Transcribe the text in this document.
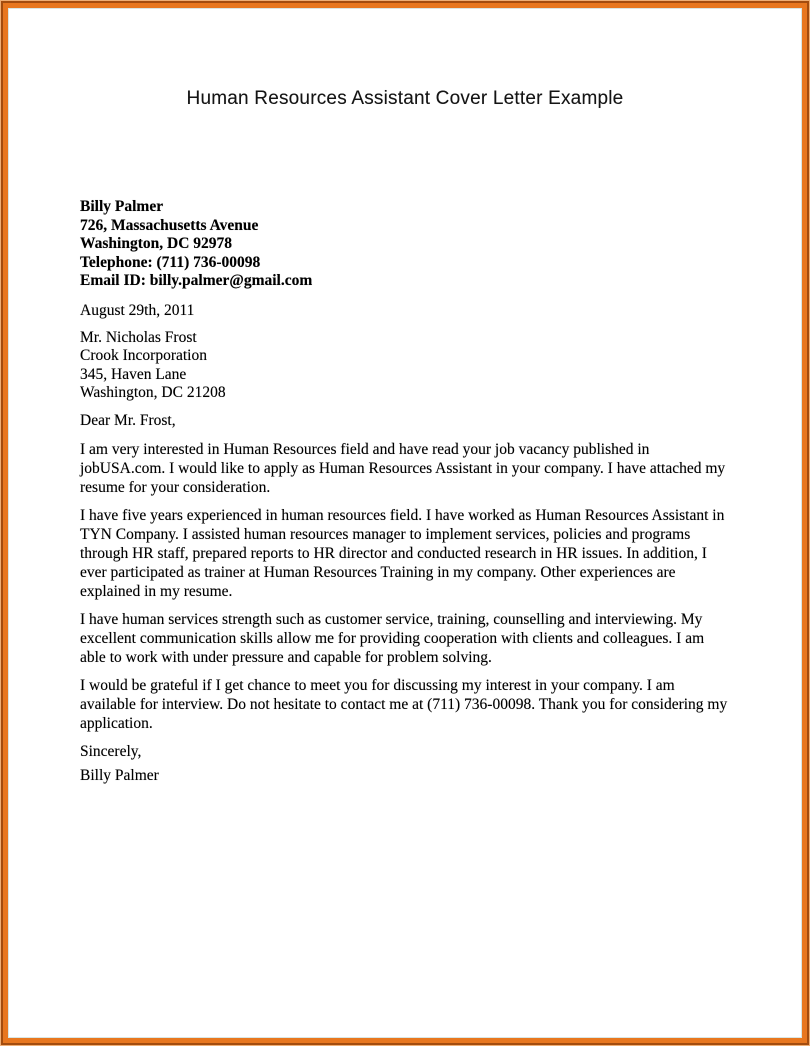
Human Resources Assistant Cover Letter Example
Billy Palmer
726, Massachusetts Avenue
Washington, DC 92978
Telephone: (711) 736-00098
Email ID: billy.palmer@gmail.com
August 29th, 2011
Mr. Nicholas Frost
Crook Incorporation
345, Haven Lane
Washington, DC 21208
Dear Mr. Frost,

I am very interested in Human Resources field and have read your job vacancy published in jobUSA.com. I would like to apply as Human Resources Assistant in your company. I have attached my resume for your consideration.

I have five years experienced in human resources field. I have worked as Human Resources Assistant in TYN Company. I assisted human resources manager to implement services, policies and programs through HR staff, prepared reports to HR director and conducted research in HR issues. In addition, I ever participated as trainer at Human Resources Training in my company. Other experiences are explained in my resume.

I have human services strength such as customer service, training, counselling and interviewing. My excellent communication skills allow me for providing cooperation with clients and colleagues. I am able to work with under pressure and capable for problem solving.

I would be grateful if I get chance to meet you for discussing my interest in your company. I am available for interview. Do not hesitate to contact me at (711) 736-00098. Thank you for considering my application.

Sincerely,
Billy Palmer
